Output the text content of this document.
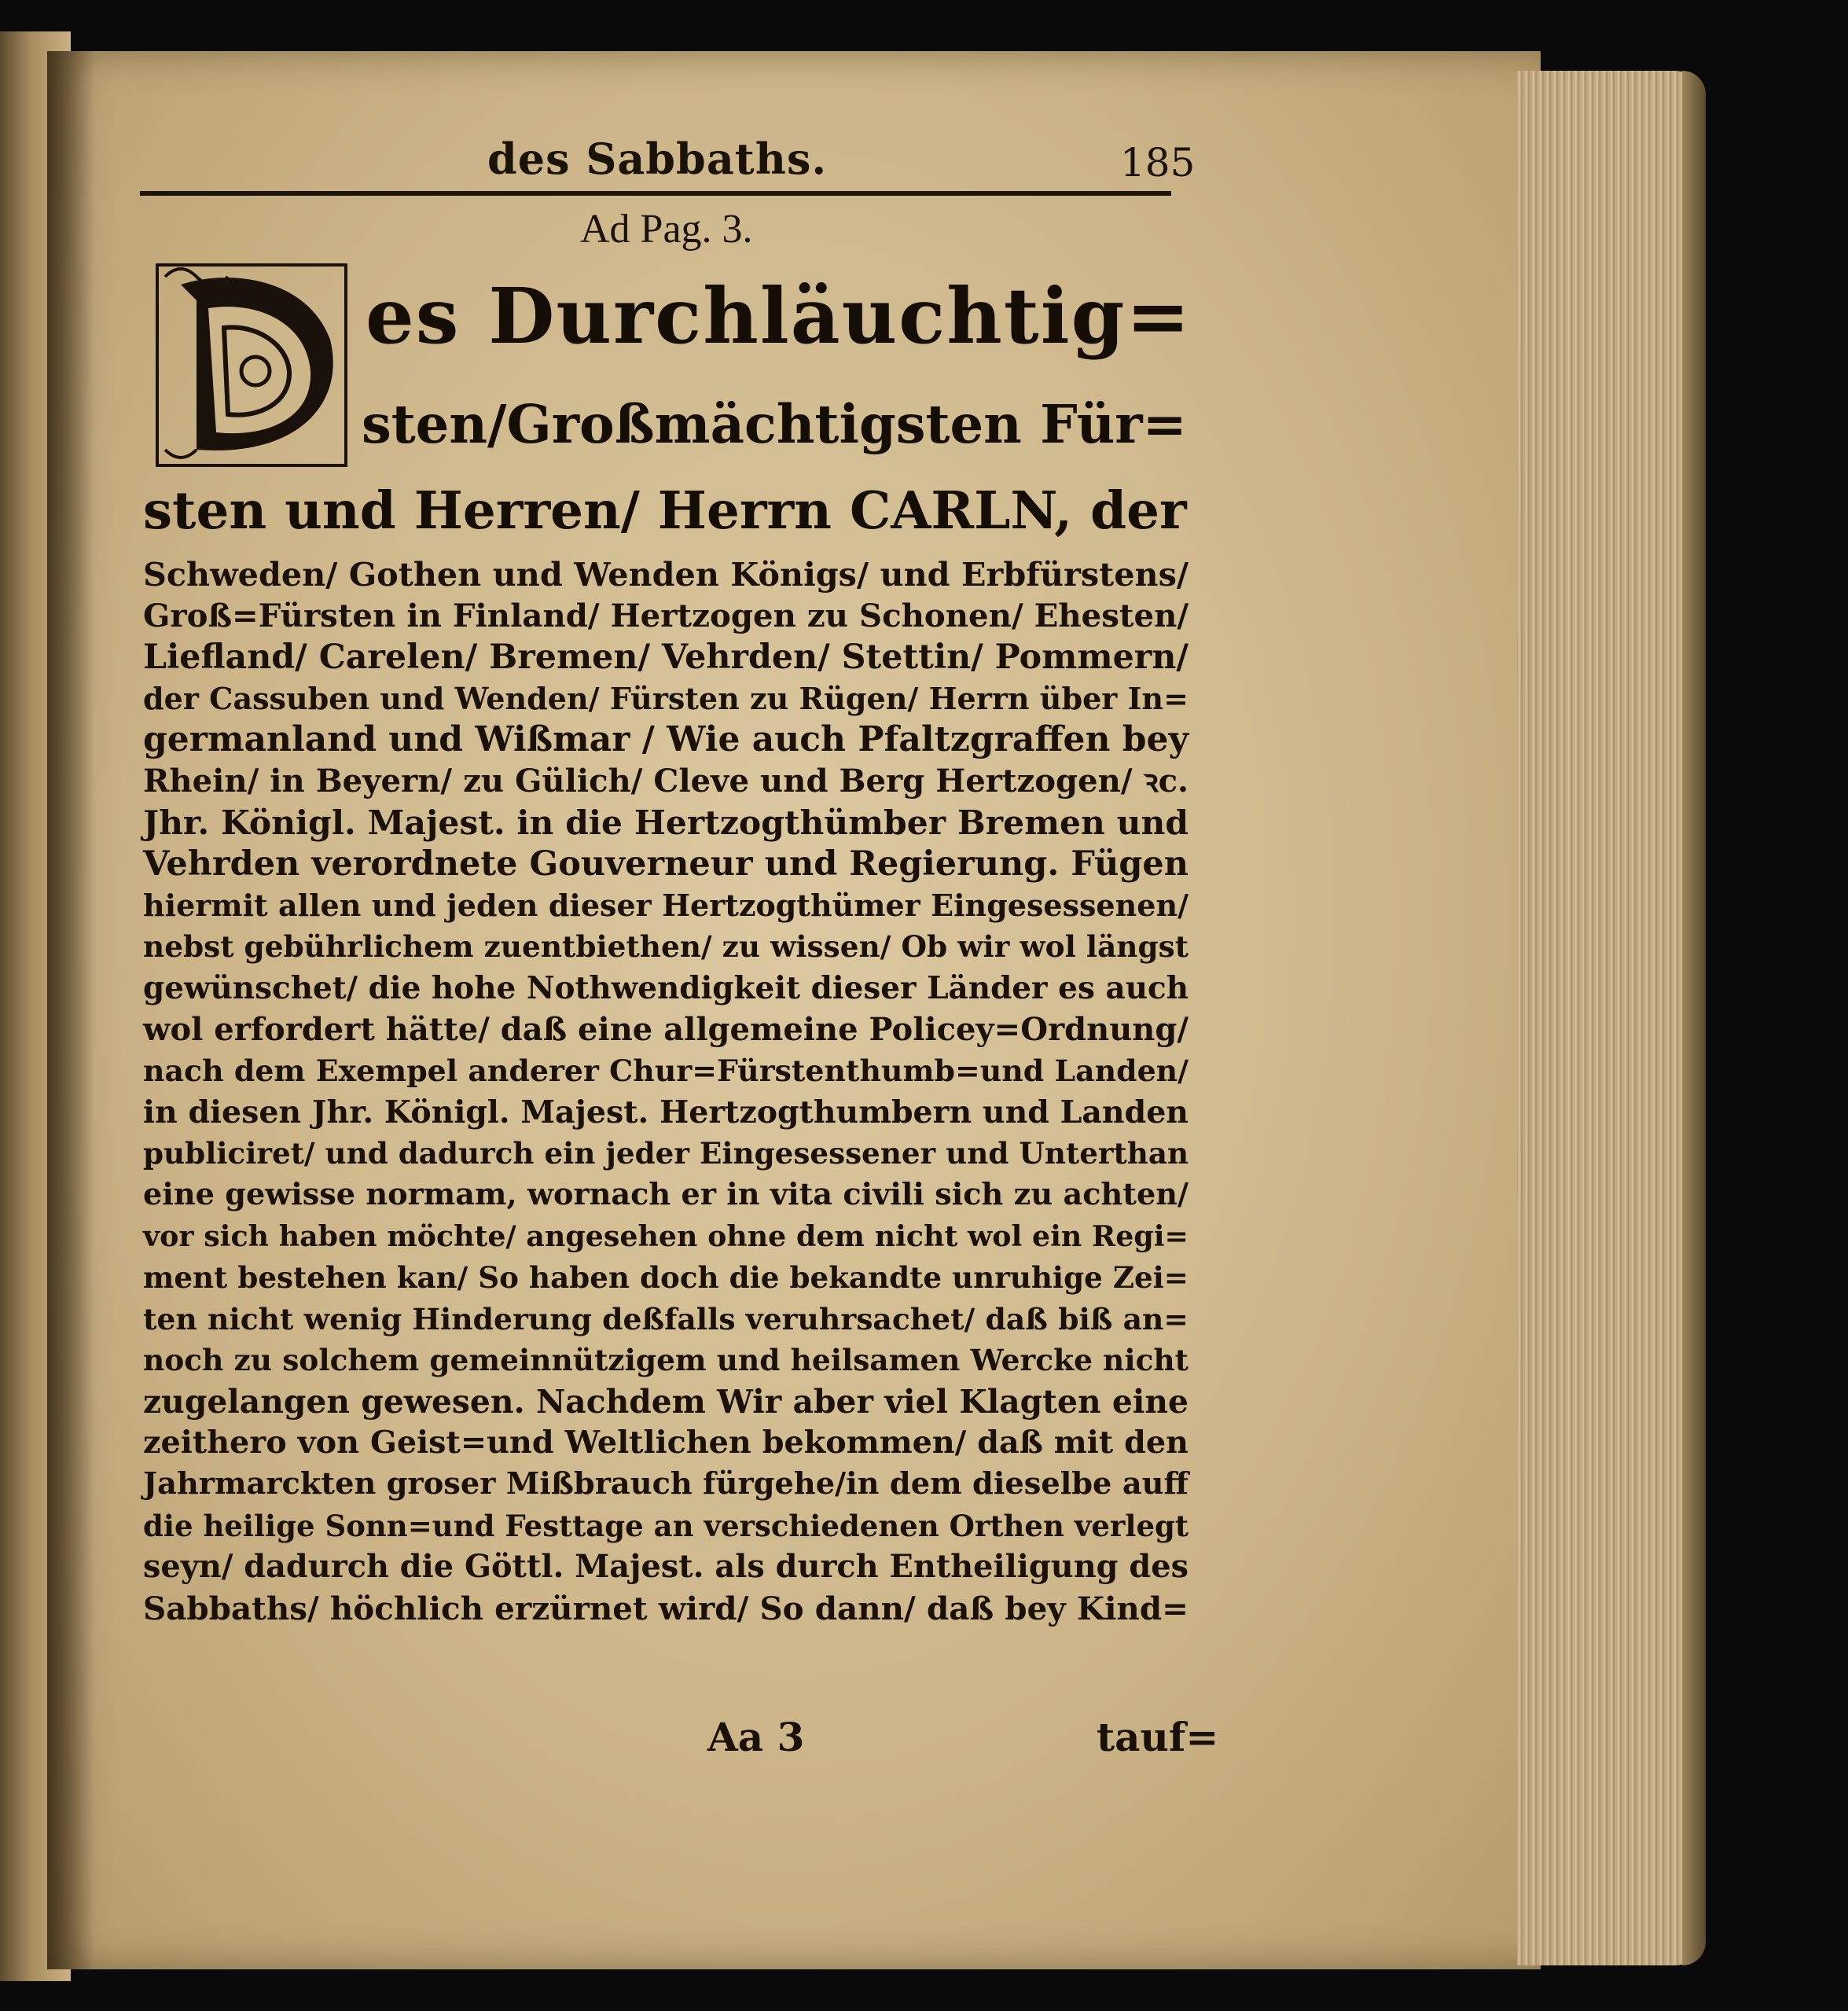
des Sabbaths.	185
Ad Pag. 3.
es Durchläuchtig=
sten/Großmächtigsten Für=
sten und Herren/ Herrn CARLN, der
Schweden/ Gothen und Wenden Königs/ und Erbfürstens/
Groß=Fürsten in Finland/ Hertzogen zu Schonen/ Ehesten/
Liefland/ Carelen/ Bremen/ Vehrden/ Stettin/ Pommern/
der Cassuben und Wenden/ Fürsten zu Rügen/ Herrn über In=
germanland und Wißmar / Wie auch Pfaltzgraffen bey
Rhein/ in Beyern/ zu Gülich/ Cleve und Berg Hertzogen/ ꝛc.
Jhr. Königl. Majest. in die Hertzogthümber Bremen und
Vehrden verordnete Gouverneur und Regierung. Fügen
hiermit allen und jeden dieser Hertzogthümer Eingesessenen/
nebst gebührlichem zuentbiethen/ zu wissen/ Ob wir wol längst
gewünschet/ die hohe Nothwendigkeit dieser Länder es auch
wol erfordert hätte/ daß eine allgemeine Policey=Ordnung/
nach dem Exempel anderer Chur=Fürstenthumb=und Landen/
in diesen Jhr. Königl. Majest. Hertzogthumbern und Landen
publiciret/ und dadurch ein jeder Eingesessener und Unterthan
eine gewisse normam, wornach er in vita civili sich zu achten/
vor sich haben möchte/ angesehen ohne dem nicht wol ein Regi=
ment bestehen kan/ So haben doch die bekandte unruhige Zei=
ten nicht wenig Hinderung deßfalls veruhrsachet/ daß biß an=
noch zu solchem gemeinnützigem und heilsamen Wercke nicht
zugelangen gewesen. Nachdem Wir aber viel Klagten eine
zeithero von Geist=und Weltlichen bekommen/ daß mit den
Jahrmarckten groser Mißbrauch fürgehe/in dem dieselbe auff
die heilige Sonn=und Festtage an verschiedenen Orthen verlegt
seyn/ dadurch die Göttl. Majest. als durch Entheiligung des
Sabbaths/ höchlich erzürnet wird/ So dann/ daß bey Kind=
Aa 3	tauf=
